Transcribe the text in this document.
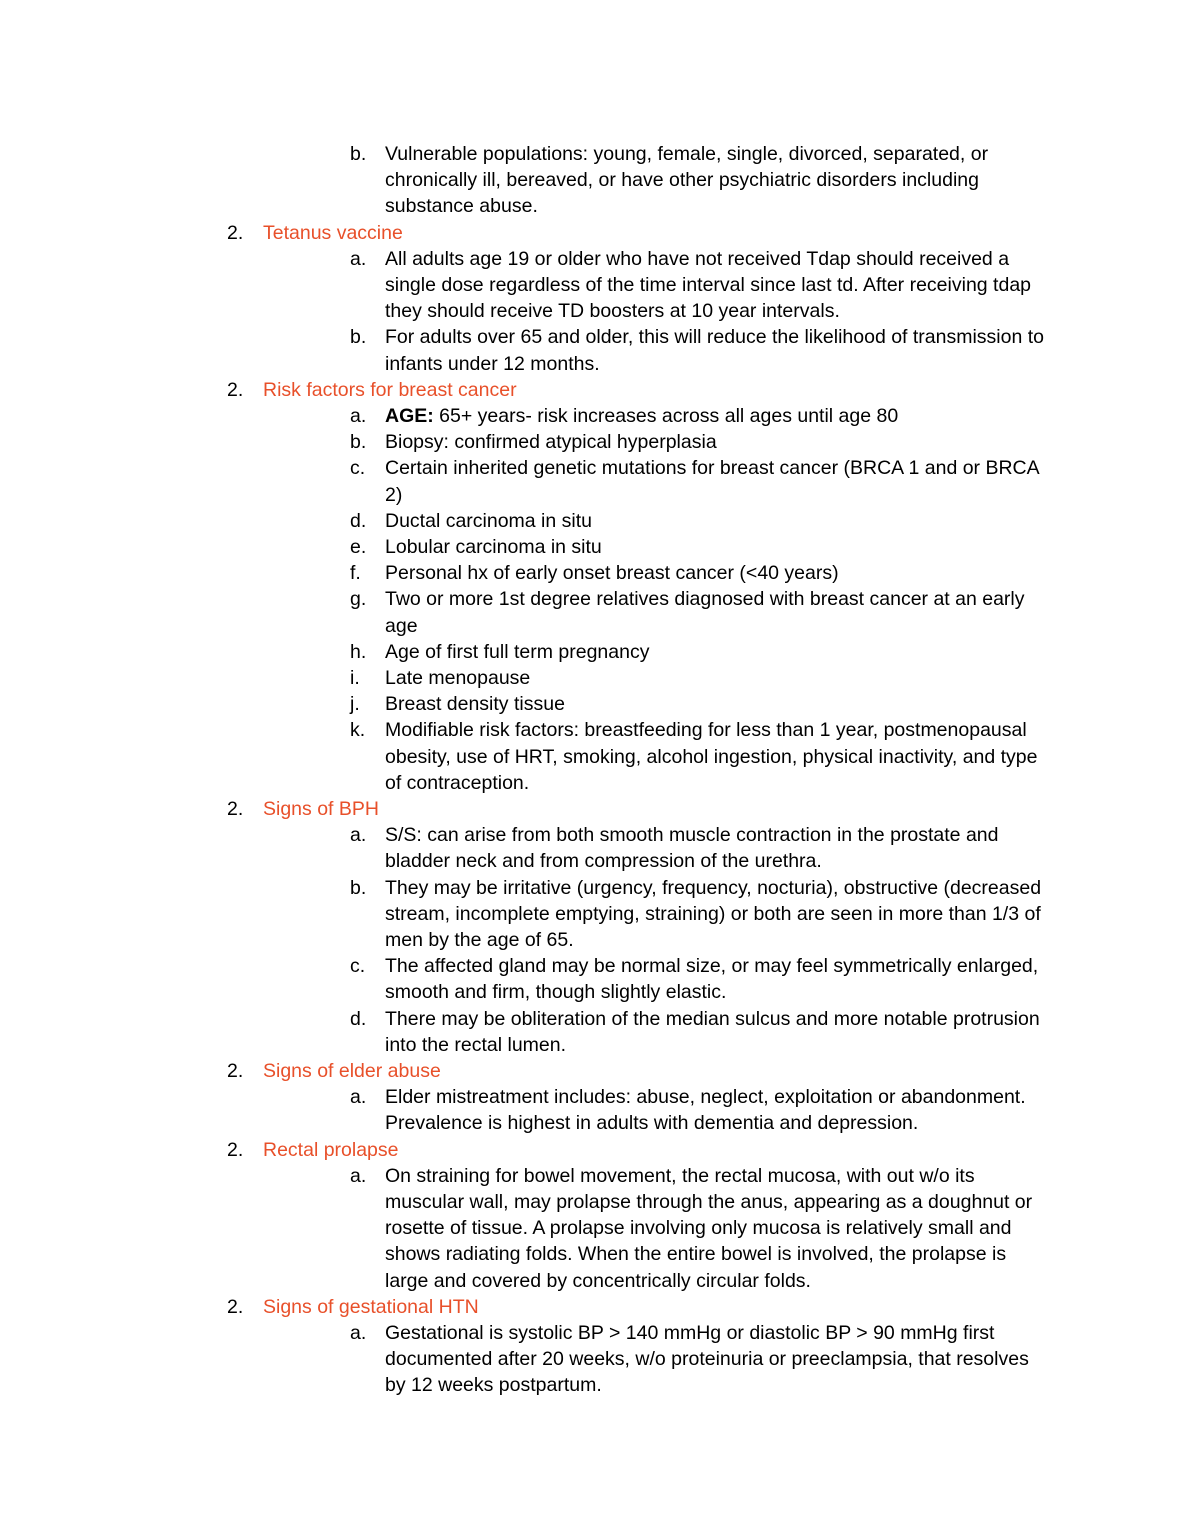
b. Vulnerable populations: young, female, single, divorced, separated, or chronically ill, bereaved, or have other psychiatric disorders including substance abuse.
2.	Tetanus vaccine
a. All adults age 19 or older who have not received Tdap should received a single dose regardless of the time interval since last td. After receiving tdap they should receive TD boosters at 10 year intervals.
b. For adults over 65 and older, this will reduce the likelihood of transmission to infants under 12 months.
2.	Risk factors for breast cancer
a. AGE: 65+ years- risk increases across all ages until age 80
b. Biopsy: confirmed atypical hyperplasia
c.	Certain inherited genetic mutations for breast cancer (BRCA 1 and or BRCA 2)
d. Ductal carcinoma in situ
e. Lobular carcinoma in situ
f.	Personal hx of early onset breast cancer (<40 years)
g. Two or more 1st degree relatives diagnosed with breast cancer at an early age
h. Age of first full term pregnancy
i.	Late menopause
j.	Breast density tissue
k.	Modifiable risk factors: breastfeeding for less than 1 year, postmenopausal obesity, use of HRT, smoking, alcohol ingestion, physical inactivity, and type of contraception.
2.	Signs of BPH
a. S/S: can arise from both smooth muscle contraction in the prostate and bladder neck and from compression of the urethra.
b. They may be irritative (urgency, frequency, nocturia), obstructive (decreased stream, incomplete emptying, straining) or both are seen in more than 1/3 of men by the age of 65.
c.	The affected gland may be normal size, or may feel symmetrically enlarged, smooth and firm, though slightly elastic.
d. There may be obliteration of the median sulcus and more notable protrusion into the rectal lumen.
2.	Signs of elder abuse
a. Elder mistreatment includes: abuse, neglect, exploitation or abandonment. Prevalence is highest in adults with dementia and depression.
2.	Rectal prolapse
a. On straining for bowel movement, the rectal mucosa, with out w/o its muscular wall, may prolapse through the anus, appearing as a doughnut or rosette of tissue. A prolapse involving only mucosa is relatively small and shows radiating folds. When the entire bowel is involved, the prolapse is large and covered by concentrically circular folds.
2.	Signs of gestational HTN
a. Gestational is systolic BP > 140 mmHg or diastolic BP > 90 mmHg first documented after 20 weeks, w/o proteinuria or preeclampsia, that resolves by 12 weeks postpartum.
